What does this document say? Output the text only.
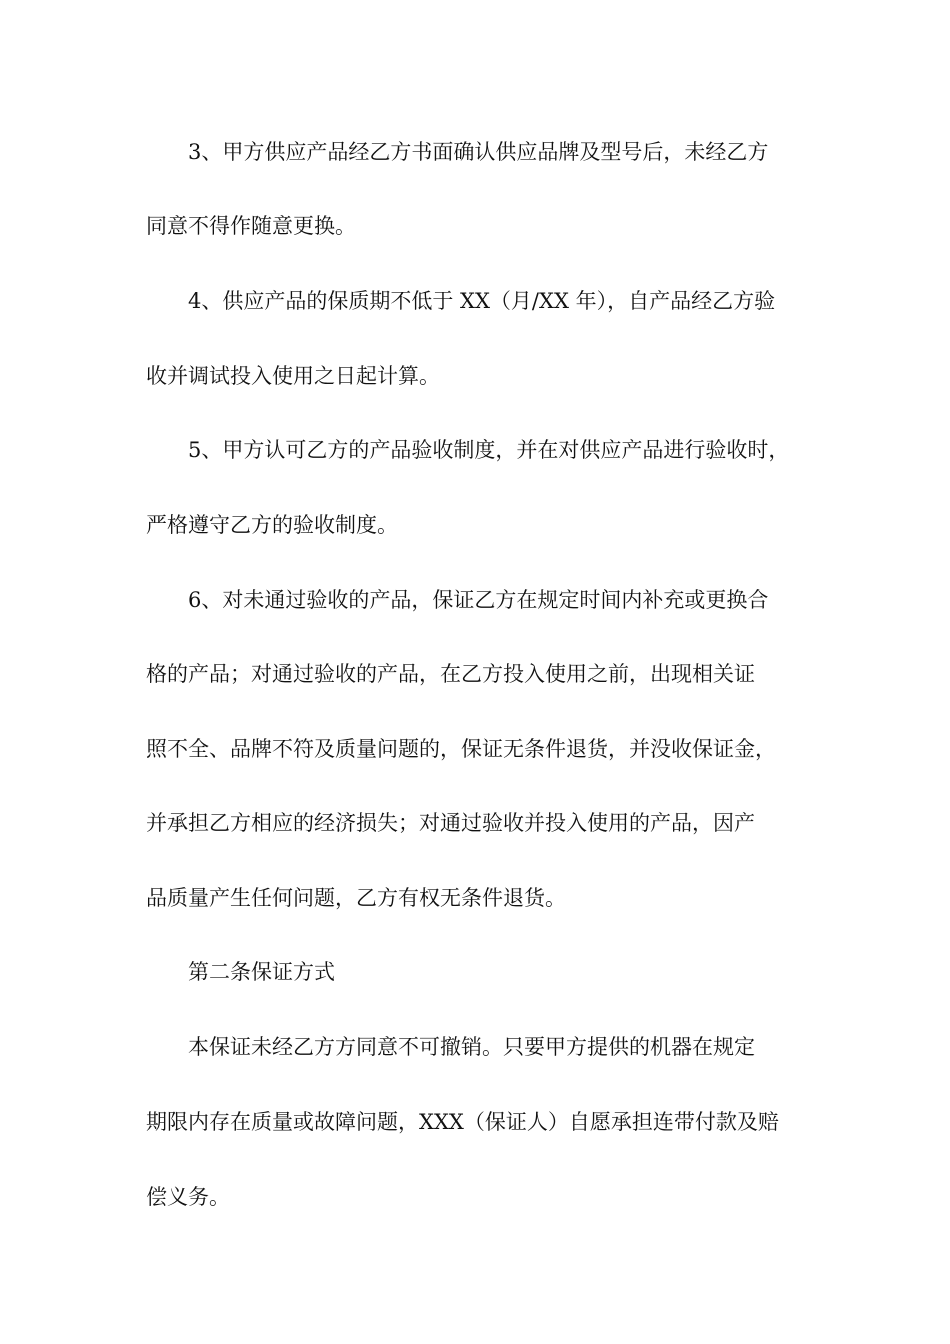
3、甲方供应产品经乙方书面确认供应品牌及型号后，未经乙方
同意不得作随意更换。
4、供应产品的保质期不低于 XX（月/XX 年），自产品经乙方验
收并调试投入使用之日起计算。
5、甲方认可乙方的产品验收制度，并在对供应产品进行验收时，
严格遵守乙方的验收制度。
6、对未通过验收的产品，保证乙方在规定时间内补充或更换合
格的产品；对通过验收的产品，在乙方投入使用之前，出现相关证
照不全、品牌不符及质量问题的，保证无条件退货，并没收保证金，
并承担乙方相应的经济损失；对通过验收并投入使用的产品，因产
品质量产生任何问题，乙方有权无条件退货。
第二条保证方式
本保证未经乙方方同意不可撤销。只要甲方提供的机器在规定
期限内存在质量或故障问题，XXX（保证人）自愿承担连带付款及赔
偿义务。
